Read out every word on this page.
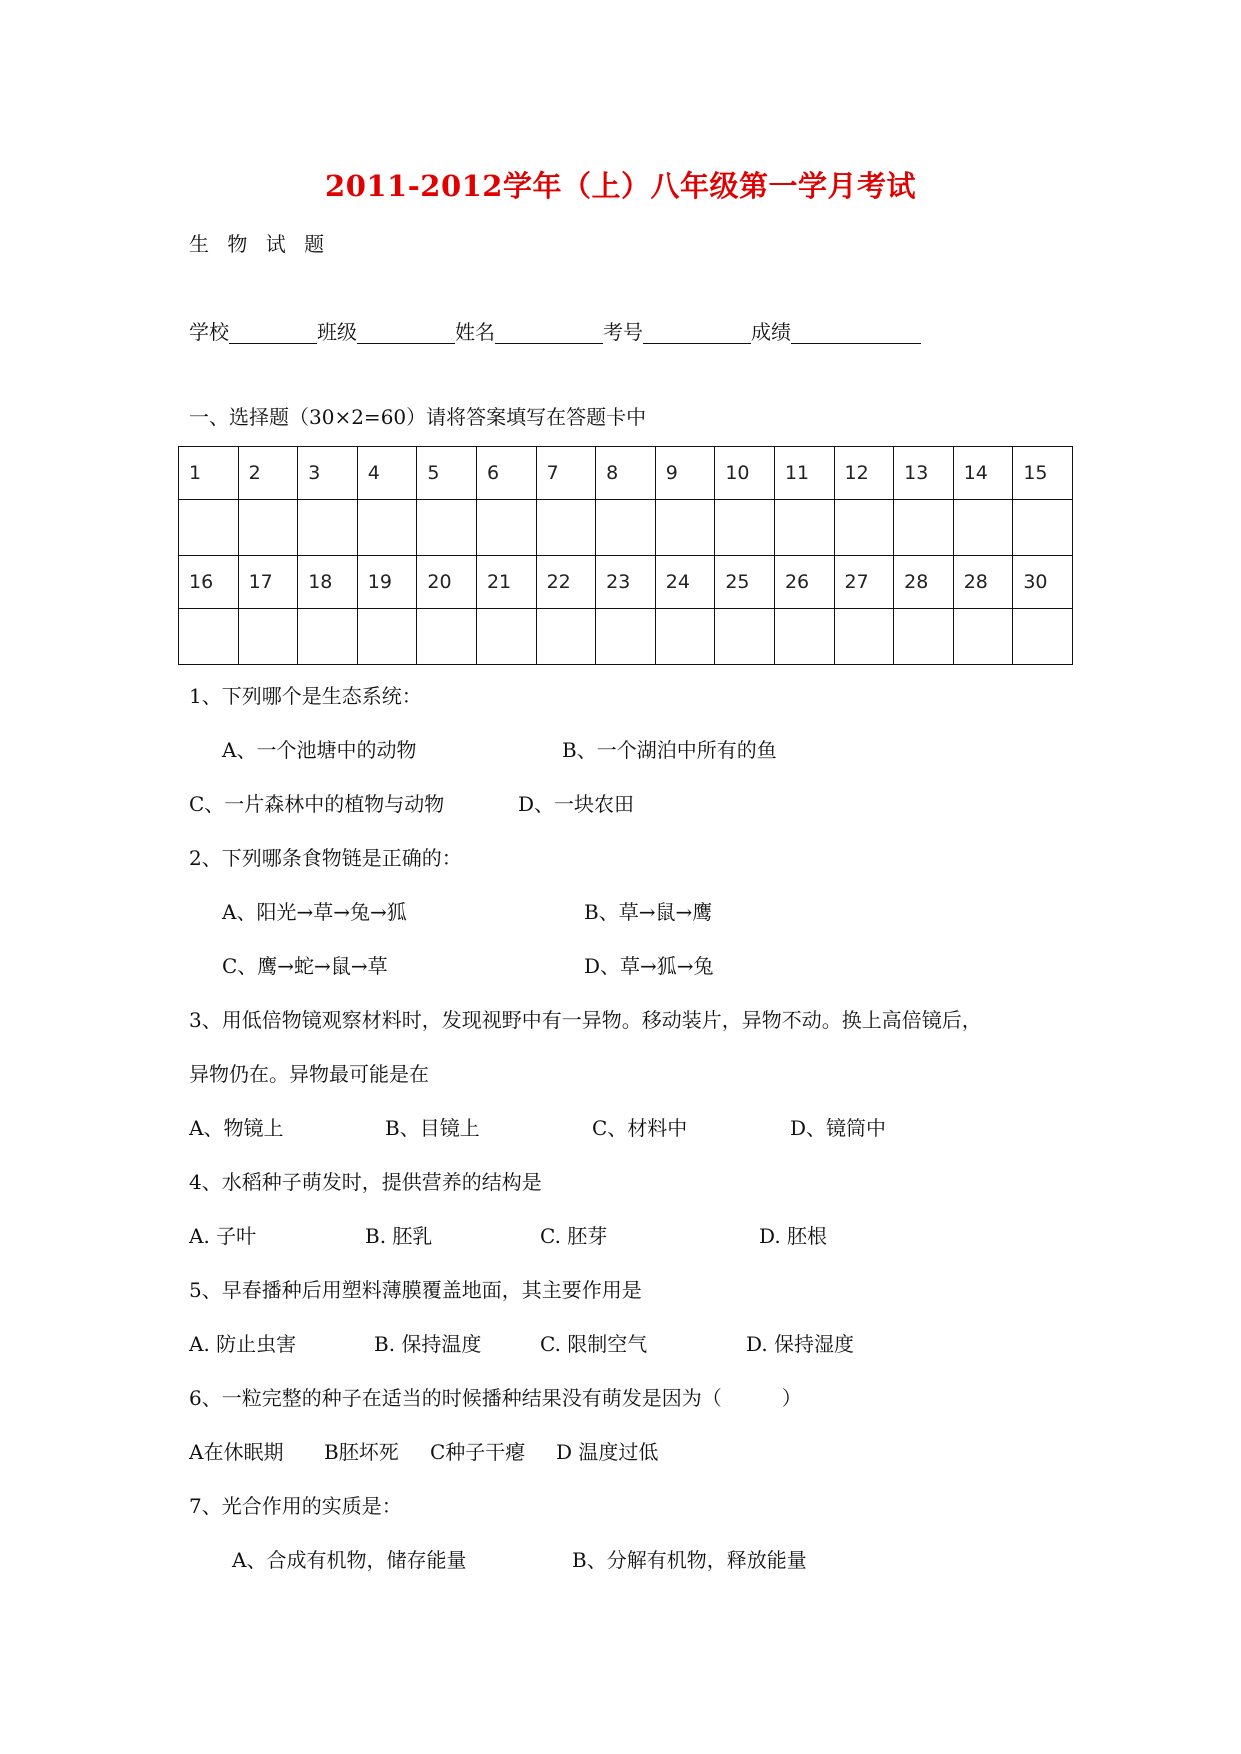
2011-2012学年（上）八年级第一学月考试
生 物 试 题
学校	班级	姓名	考号	成绩
一、选择题（30×2=60）请将答案填写在答题卡中
1	2	3	4	5	6	7	8	9	10	11	12	13	14	15

16	17	18	19	20	21	22	23	24	25	26	27	28	28	30

1、下列哪个是生态系统：
A、一个池塘中的动物	B、一个湖泊中所有的鱼
C、一片森林中的植物与动物	D、一块农田
2、下列哪条食物链是正确的：
A、阳光→草→兔→狐	B、草→鼠→鹰
C、鹰→蛇→鼠→草	D、草→狐→兔
3、用低倍物镜观察材料时，发现视野中有一异物。移动装片，异物不动。换上高倍镜后，
异物仍在。异物最可能是在
A、物镜上	B、目镜上	C、材料中	D、镜筒中
4、水稻种子萌发时，提供营养的结构是
A. 子叶	B. 胚乳	C. 胚芽	D. 胚根
5、早春播种后用塑料薄膜覆盖地面，其主要作用是
A. 防止虫害	B. 保持温度	C. 限制空气	D. 保持湿度
6、一粒完整的种子在适当的时候播种结果没有萌发是因为（　　　）
A在休眠期 B胚坏死 C种子干瘪 D 温度过低
7、光合作用的实质是：
A、合成有机物，储存能量	B、分解有机物，释放能量
